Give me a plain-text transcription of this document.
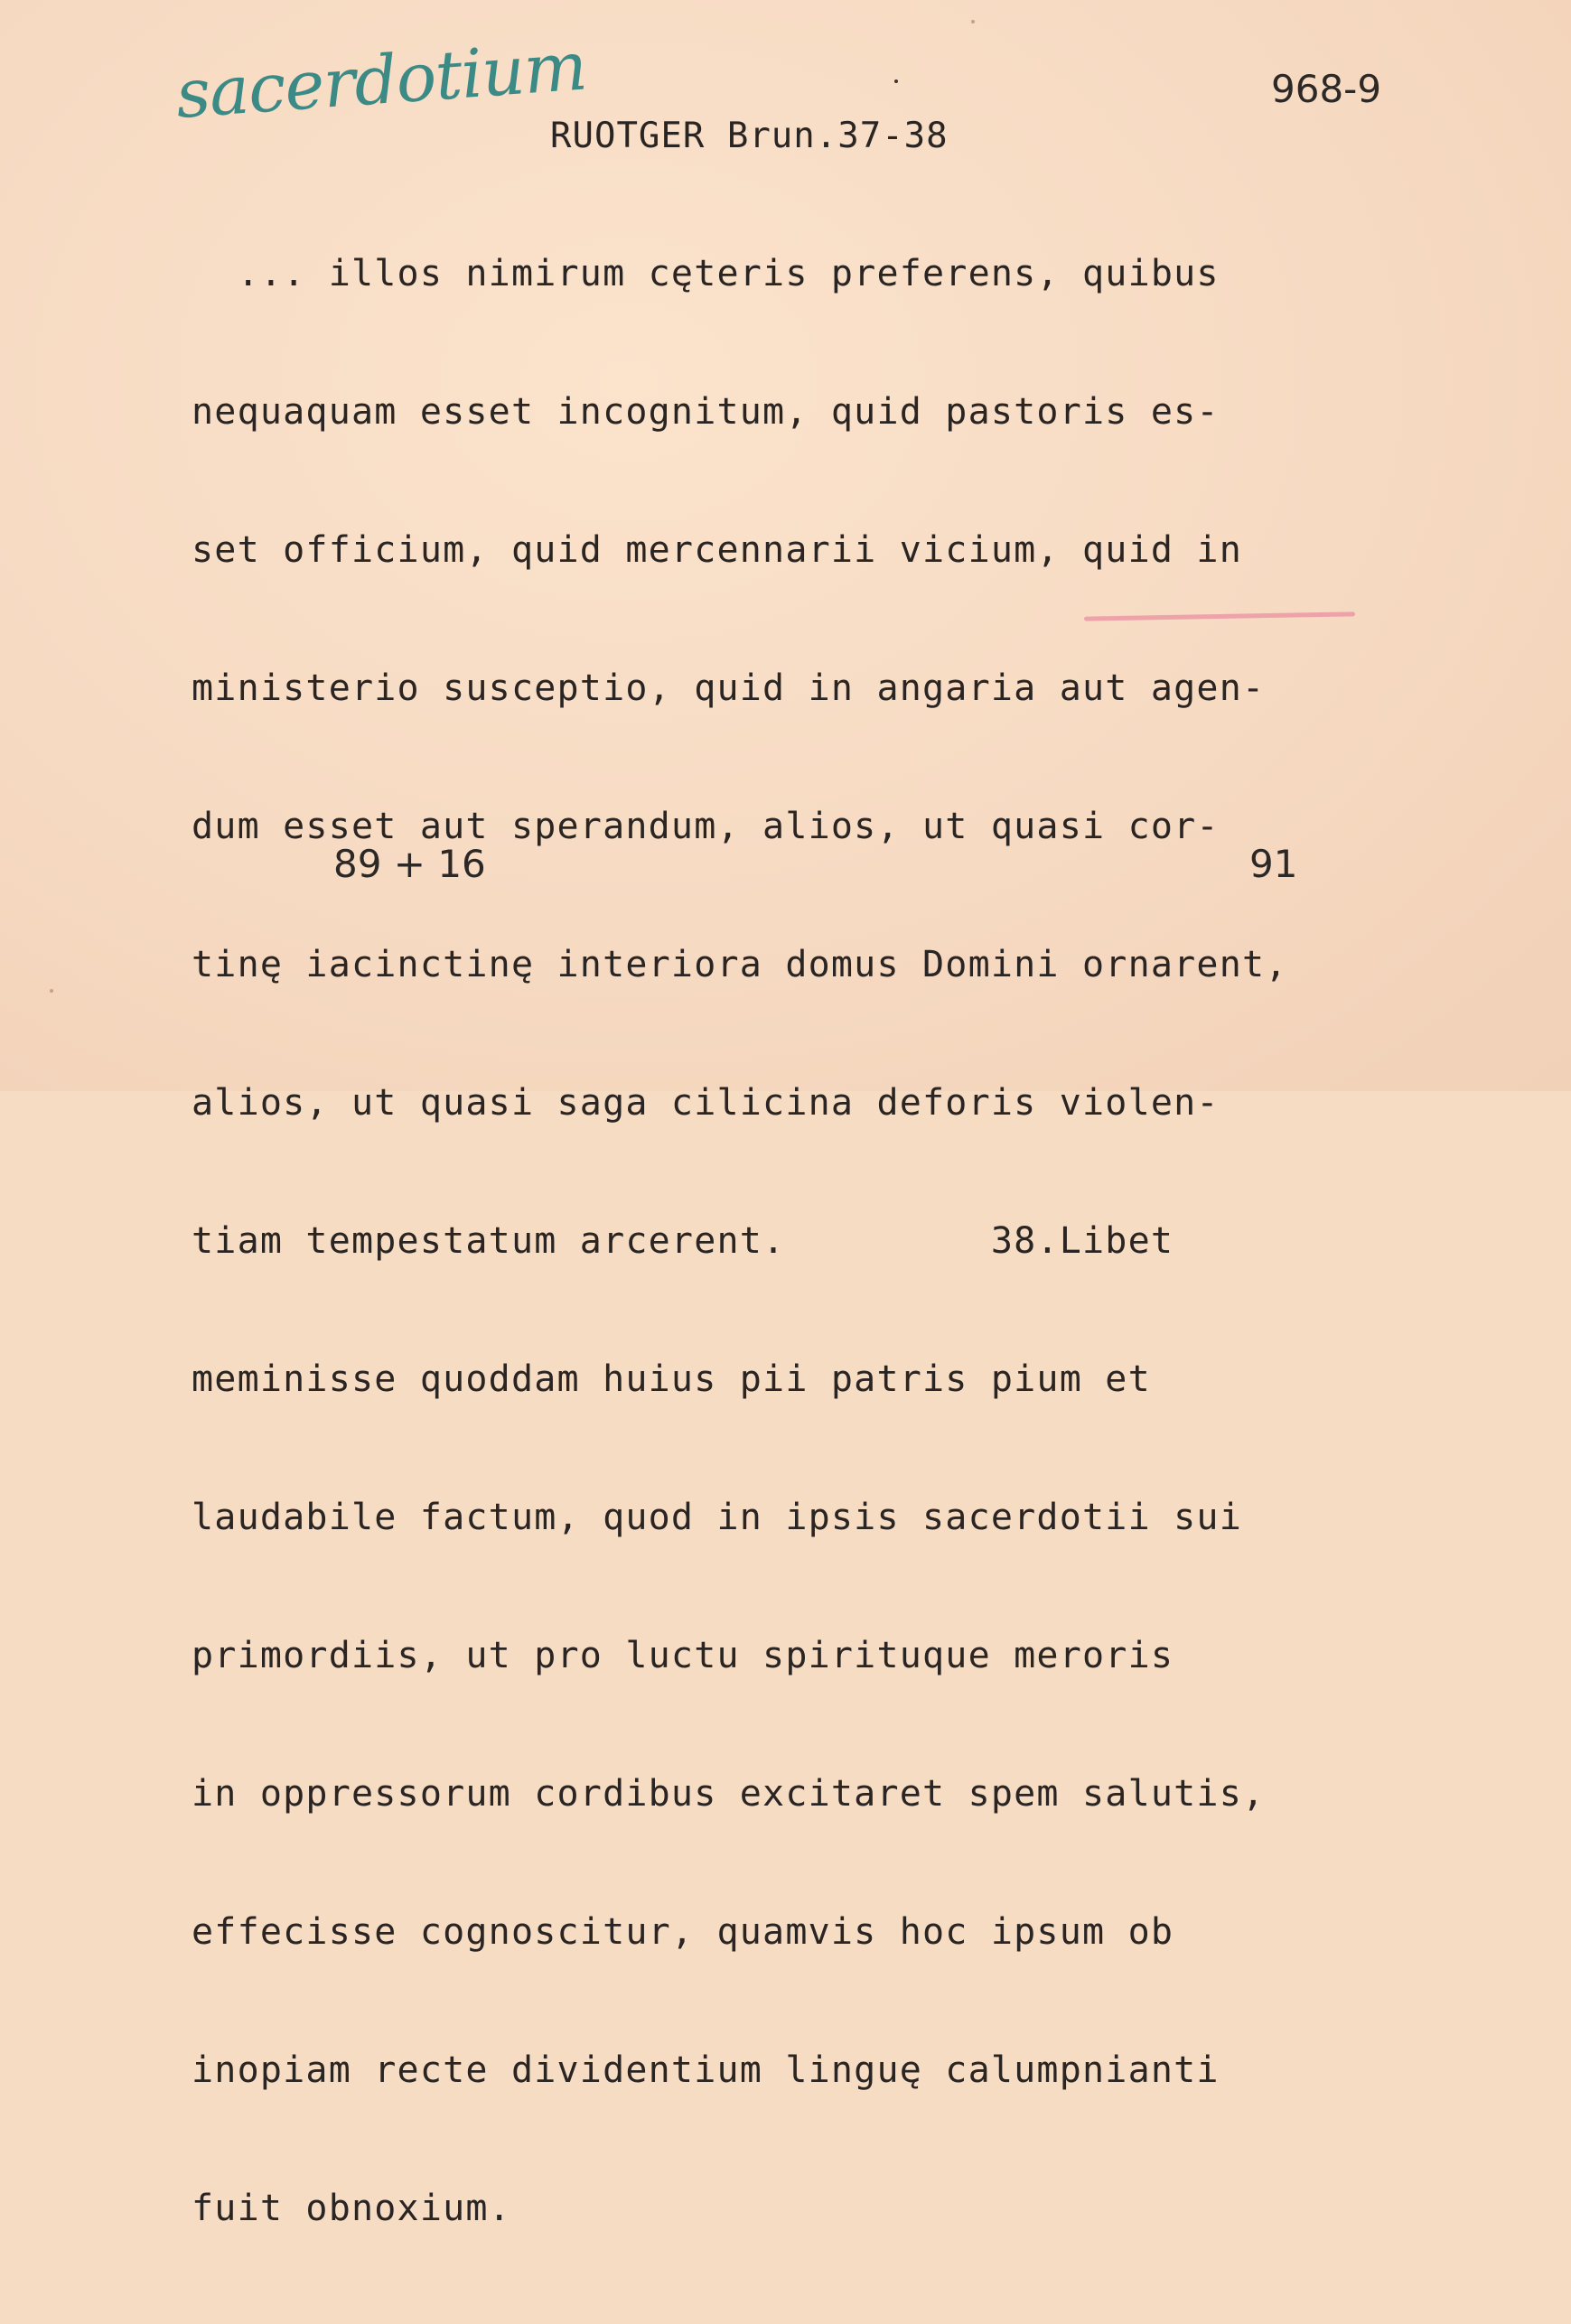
sacerdotium	968-9
RUOTGER Brun.37-38

... illos nimirum cęteris preferens, quibus

nequaquam esset incognitum, quid pastoris es-

set officium, quid mercennarii vicium, quid in

ministerio susceptio, quid in angaria aut agen-

dum esset aut sperandum, alios, ut quasi cor-

tinę iacinctinę interiora domus Domini ornarent,

alios, ut quasi saga cilicina deforis violen-

tiam tempestatum arcerent.         38.Libet

meminisse quoddam huius pii patris pium et

laudabile factum, quod in ipsis sacerdotii sui

primordiis, ut pro luctu spirituque meroris

in oppressorum cordibus excitaret spem salutis,

effecisse cognoscitur, quamvis hoc ipsum ob

inopiam recte dividentium linguę calumpnianti

fuit obnoxium.

89 + 16	91
